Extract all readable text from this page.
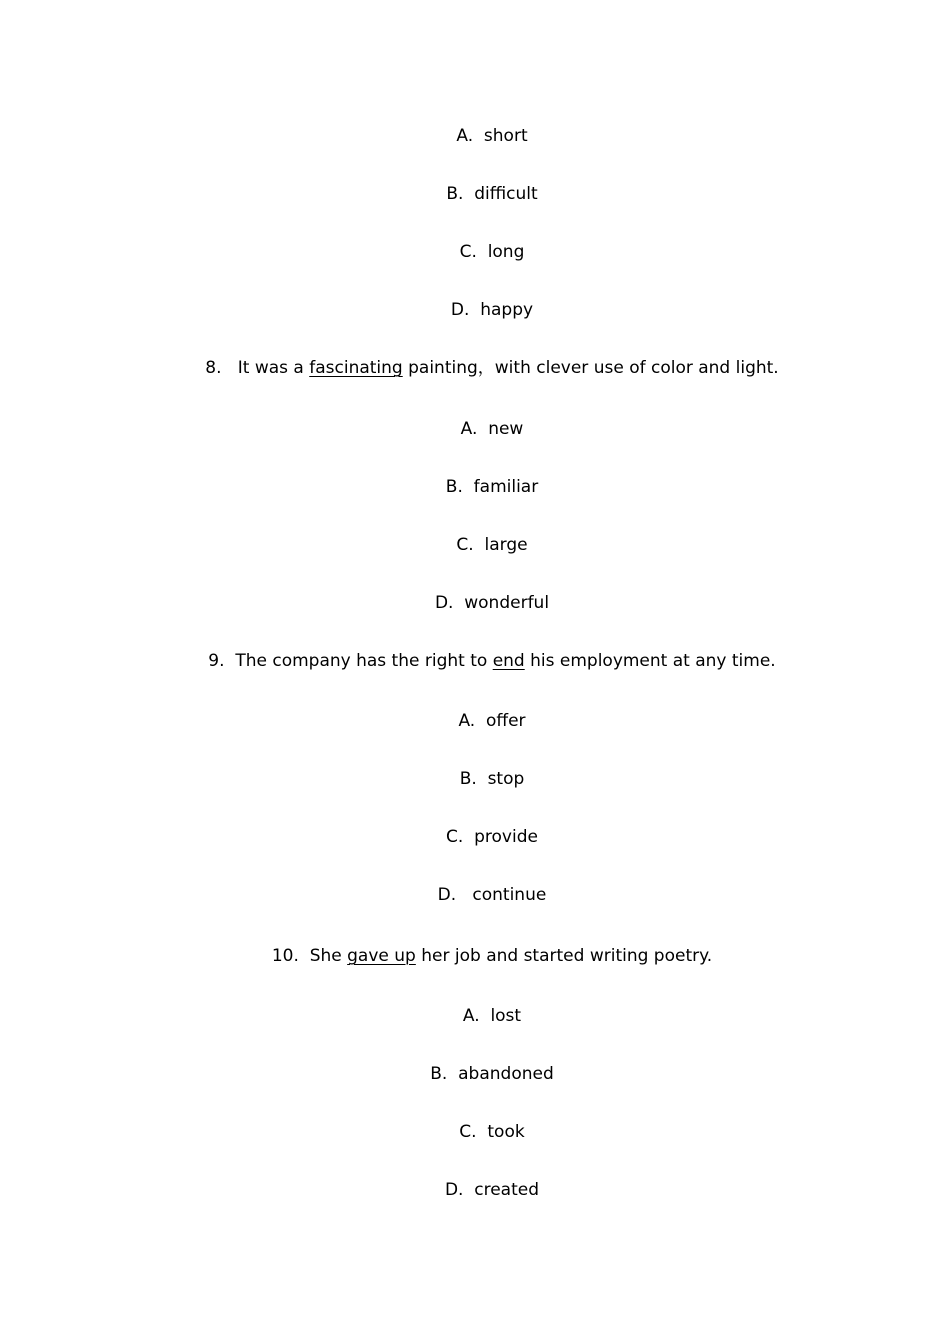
A. short
B. difficult
C. long
D. happy
8. It was a fascinating painting，with clever use of color and light.
A. new
B. familiar
C. large
D. wonderful
9. The company has the right to end his employment at any time.
A. offer
B. stop
C. provide
D.   continue
10. She gave up her job and started writing poetry.
A. lost
B. abandoned
C. took
D. created
